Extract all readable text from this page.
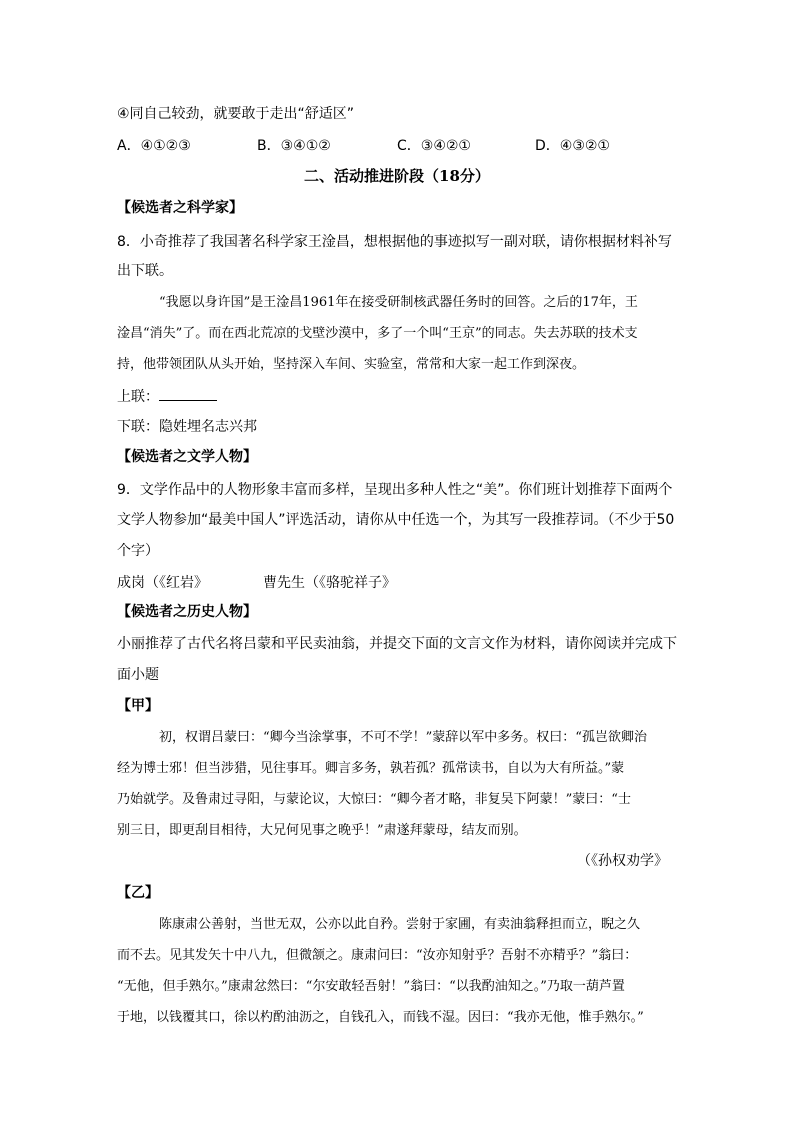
④同自己较劲，就要敢于走出“舒适区”
A．④①②③	B．③④①②	C．③④②①	D．④③②①
二、活动推进阶段（18分）
【候选者之科学家】
8．小奇推荐了我国著名科学家王淦昌，想根据他的事迹拟写一副对联，请你根据材料补写
出下联。
“我愿以身许国”是王淦昌1961年在接受研制核武器任务时的回答。之后的17年，王
淦昌“消失”了。而在西北荒凉的戈壁沙漠中，多了一个叫“王京”的同志。失去苏联的技术支
持，他带领团队从头开始，坚持深入车间、实验室，常常和大家一起工作到深夜。
上联：
下联：隐姓埋名志兴邦
【候选者之文学人物】
9．文学作品中的人物形象丰富而多样，呈现出多种人性之“美”。你们班计划推荐下面两个
文学人物参加“最美中国人”评选活动，请你从中任选一个，为其写一段推荐词。（不少于50
个字）
成岗（《红岩》	曹先生（《骆驼祥子》
【候选者之历史人物】
小丽推荐了古代名将吕蒙和平民卖油翁，并提交下面的文言文作为材料，请你阅读并完成下
面小题
【甲】
初，权谓吕蒙曰：“卿今当涂掌事，不可不学！”蒙辞以军中多务。权曰：“孤岂欲卿治
经为博士邪！但当涉猎，见往事耳。卿言多务，孰若孤？孤常读书，自以为大有所益。”蒙
乃始就学。及鲁肃过寻阳，与蒙论议，大惊曰：“卿今者才略，非复吴下阿蒙！”蒙曰：“士
别三日，即更刮目相待，大兄何见事之晚乎！”肃遂拜蒙母，结友而别。
（《孙权劝学》
【乙】
陈康肃公善射，当世无双，公亦以此自矜。尝射于家圃，有卖油翁释担而立，睨之久
而不去。见其发矢十中八九，但微颔之。康肃问曰：“汝亦知射乎？吾射不亦精乎？”翁曰：
“无他，但手熟尔。”康肃忿然曰：“尔安敢轻吾射！”翁曰：“以我酌油知之。”乃取一葫芦置
于地，以钱覆其口，徐以杓酌油沥之，自钱孔入，而钱不湿。因曰：“我亦无他，惟手熟尔。”
